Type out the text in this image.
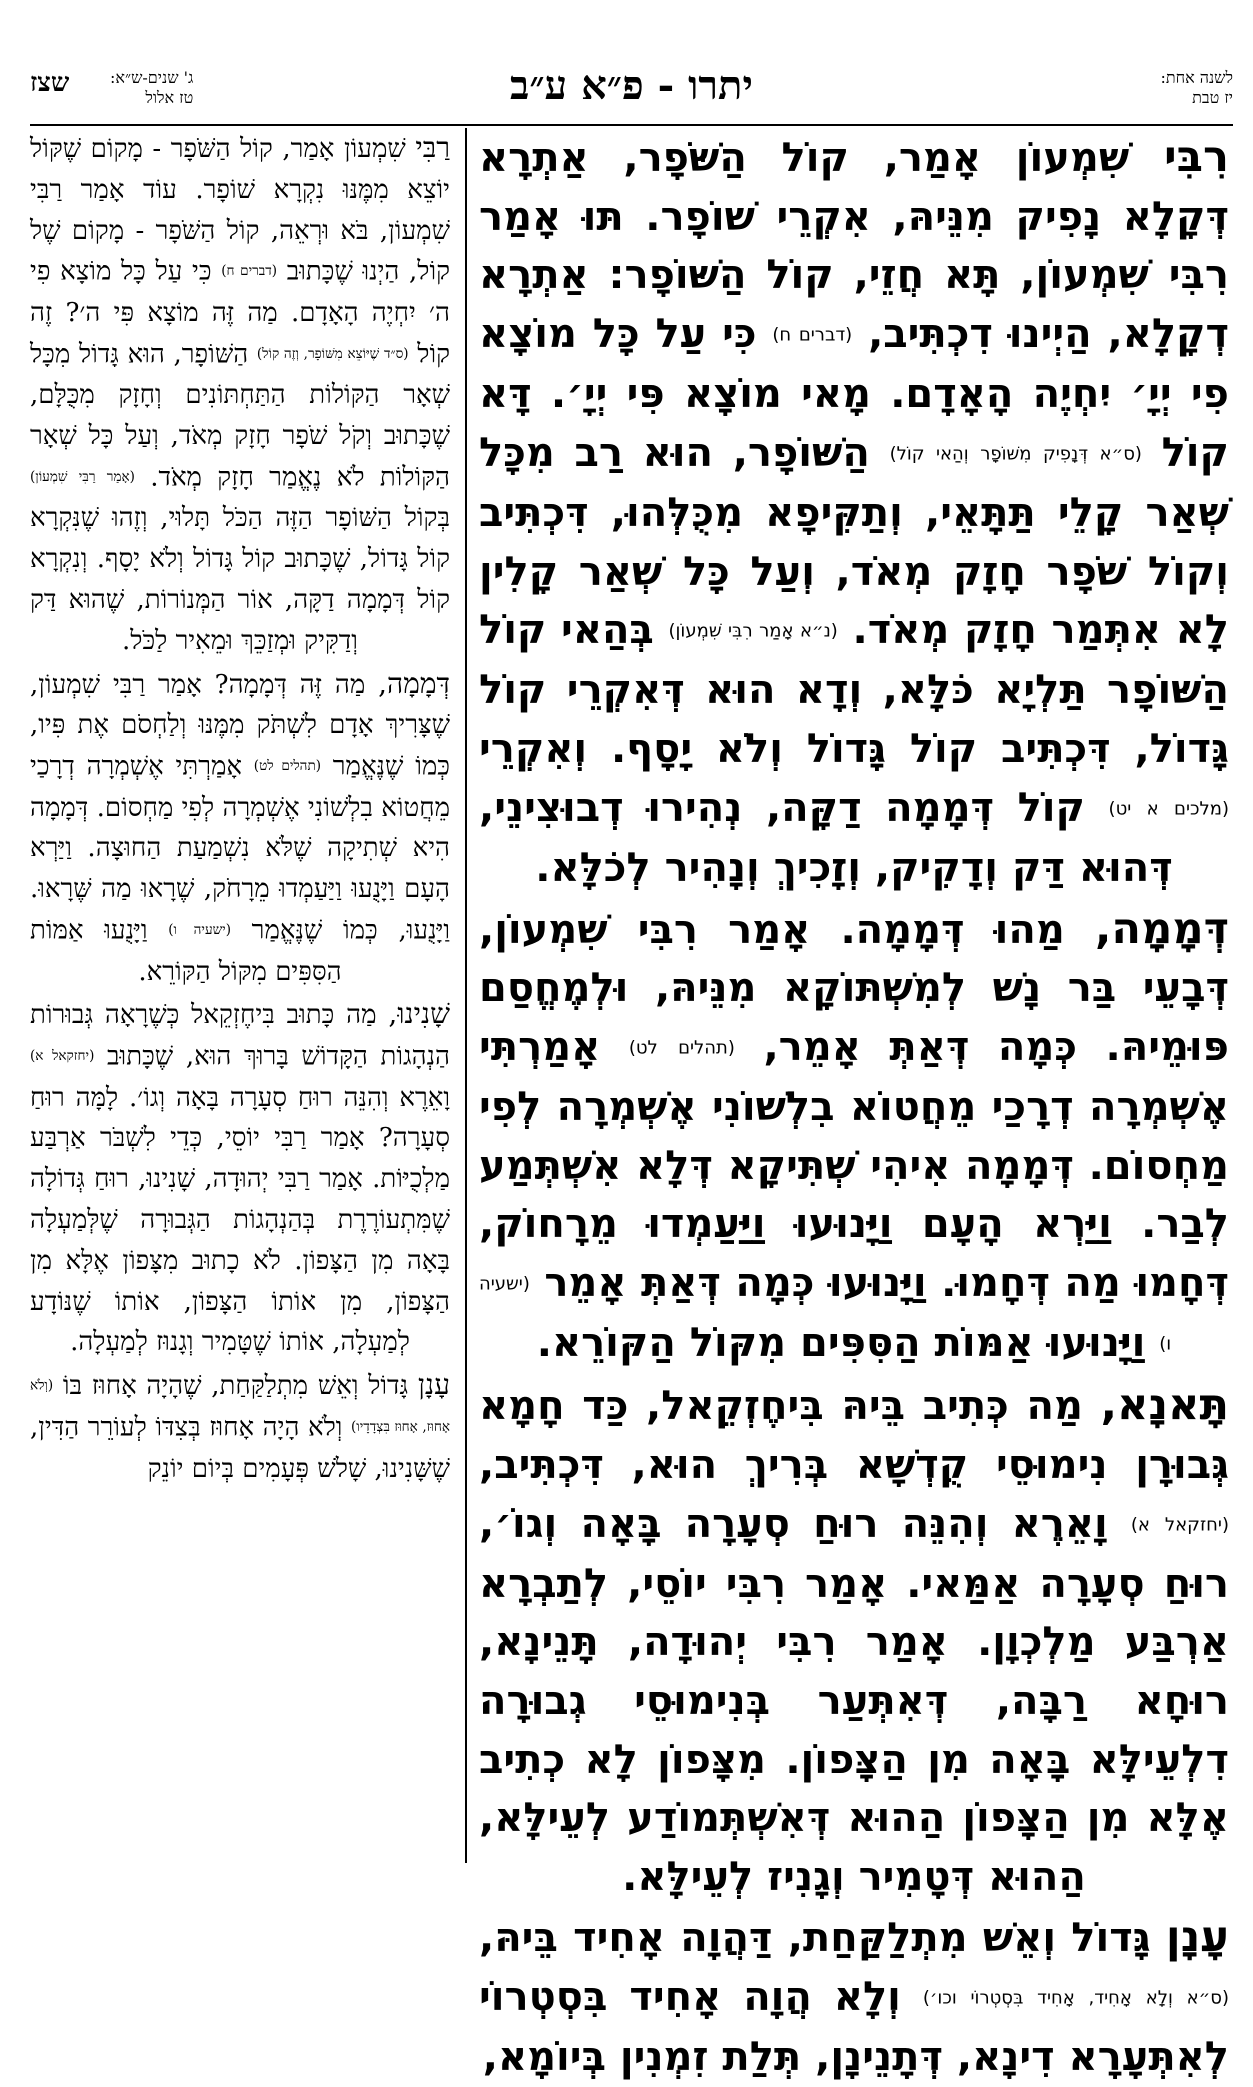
לשנה אחת:
יז טבת
יתרו - פ״א ע״ב
שצז	ג' שנים-ש״א:
טז אלול

רִבִּי שִׁמְעוֹן אָמַר, קוֹל הַשֹּׁפָר, אַתְרָא דְּקָלָא נָפִיק מִנֵּיהּ, אִקְרֵי שׁוֹפָר. תּוּ אָמַר רִבִּי שִׁמְעוֹן, תָּא חֲזֵי, קוֹל הַשּׁוֹפָר: אַתְרָא דְקָלָא, הַיְינוּ דִכְתִּיב, (דברים ח) כִּי עַל כָּל מוֹצָא פִי יְיָ׳ יִחְיֶה הָאָדָם. מָאי מוֹצָא פִּי יְיָ׳. דָּא קוֹל (ס״א דְּנָפִיק מִשּׁוֹפָר וְהַאי קוֹל) הַשּׁוֹפָר, הוּא רַב מִכָּל שְׁאַר קָלֵי תַּתָּאֵי, וְתַקִּיפָא מִכֻּלְּהוּ, דִּכְתִּיב וְקוֹל שֹׁפָר חָזָק מְאֹד, וְעַל כָּל שְׁאַר קָלִין לָא אִתְּמַר חָזָק מְאֹד. (נ״א אָמַר רִבִּי שִׁמְעוֹן) בְּהַאי קוֹל הַשּׁוֹפָר תַּלְיָא כֹּלָּא, וְדָא הוּא דְּאִקְרֵי קוֹל גָּדוֹל, דִּכְתִּיב קוֹל גָּדוֹל וְלֹא יָסָף. וְאִקְרֵי (מלכים א יט) קוֹל דְּמָמָה דַקָּה, נְהִירוּ דְבוּצִינֵי, דְּהוּא דַּק וְדָקִיק, וְזָכִיךְ וְנָהִיר לְכֹלָּא.

דְּמָמָה, מַהוּ דְּמָמָה. אָמַר רִבִּי שִׁמְעוֹן, דְּבָעֵי בַּר נָשׁ לְמִשְׁתּוֹקָא מִנֵּיהּ, וּלְמֶחֱסַם פּוּמֵיהּ. כְּמָה דְּאַתְּ אָמֵר, (תהלים לט) אָמַרְתִּי אֶשְׁמְרָה דְרָכַי מֵחֲטוֹא בִלְשׁוֹנִי אֶשְׁמְרָה לְפִי מַחְסוֹם. דְּמָמָה אִיהִי שְׁתִּיקָא דְּלָא אִשְׁתְּמַע לְבַר. וַיַּרְא הָעָם וַיָּנוּעוּ וַיַּעַמְדוּ מֵרָחוֹק, דְּחָמוּ מַה דְּחָמוּ. וַיָּנוּעוּ כְּמָה דְּאַתְּ אָמֵר (ישעיה ו) וַיָּנוּעוּ אַמּוֹת הַסִּפִּים מִקּוֹל הַקּוֹרֵא.

תָּאנָא, מַה כְּתִיב בֵּיהּ בִּיחֶזְקֵאל, כַּד חָמָא גְּבוּרָן נִימוּסֵי קֻדְשָׁא בְּרִיךְ הוּא, דִּכְתִּיב, (יחזקאל א) וָאֵרֶא וְהִנֵּה רוּחַ סְעָרָה בָּאָה וְגוֹ׳, רוּחַ סְעָרָה אַמַּאי. אָמַר רִבִּי יוֹסֵי, לְתַבְרָא אַרְבַּע מַלְכְוָן. אָמַר רִבִּי יְהוּדָה, תָּנֵינָא, רוּחָא רַבָּה, דְּאִתְּעַר בְּנִימוּסֵי גְבוּרָה דִלְעֵילָּא בָּאָה מִן הַצָּפוֹן. מִצָּפוֹן לָא כְתִיב אֶלָּא מִן הַצָּפוֹן הַהוּא דְּאִשְׁתְּמוֹדַע לְעֵילָּא, הַהוּא דְּטָמִיר וְגָנִיז לְעֵילָּא.

עָנָן גָּדוֹל וְאֵשׁ מִתְלַקַּחַת, דַּהֲוָה אָחִיד בֵּיהּ, (ס״א וְלָא אָחִיד, אָחִיד בִּסְטְרוֹי וכו׳) וְלָא הֲוָה אָחִיד בִּסְטְרוֹי לְאִתְּעָרָא דִינָא, דְּתָנֵינָן, תְּלַת זִמְנִין בְּיוֹמָא,

רַבִּי שִׁמְעוֹן אָמַר, קוֹל הַשֹּׁפָר - מָקוֹם שֶׁקּוֹל יוֹצֵא מִמֶּנּוּ נִקְרָא שׁוֹפָר. עוֹד אָמַר רַבִּי שִׁמְעוֹן, בֹּא וּרְאֵה, קוֹל הַשֹּׁפָר - מָקוֹם שֶׁל קוֹל, הַיְנוּ שֶׁכָּתוּב (דברים ח) כִּי עַל כָּל מוֹצָא פִי ה׳ יִחְיֶה הָאָדָם. מַה זֶּה מוֹצָא פִּי ה׳? זֶה קוֹל (ס״ד שֶׁיּוֹצֵא מִשּׁוֹפָר, וְזֶה קוֹל) הַשּׁוֹפָר, הוּא גָּדוֹל מִכָּל שְׁאָר הַקּוֹלוֹת הַתַּחְתּוֹנִים וְחָזָק מִכֻּלָּם, שֶׁכָּתוּב וְקֹל שֹׁפָר חָזָק מְאֹד, וְעַל כָּל שְׁאָר הַקּוֹלוֹת לֹא נֶאֱמַר חָזָק מְאֹד. (אָמַר רַבִּי שִׁמְעוֹן) בְּקוֹל הַשּׁוֹפָר הַזֶּה הַכֹּל תָּלוּי, וְזֶהוּ שֶׁנִּקְרָא קוֹל גָּדוֹל, שֶׁכָּתוּב קוֹל גָּדוֹל וְלֹא יָסָף. וְנִקְרָא קוֹל דְּמָמָה דַקָּה, אוֹר הַמְּנוֹרוֹת, שֶׁהוּא דַּק וְדַקִּיק וּמְזַכֵּךְ וּמֵאִיר לַכֹּל.

דְּמָמָה, מַה זֶּה דְּמָמָה? אָמַר רַבִּי שִׁמְעוֹן, שֶׁצָּרִיךְ אָדָם לִשְׁתֹּק מִמֶּנּוּ וְלַחְסֹם אֶת פִּיו, כְּמוֹ שֶׁנֶּאֱמַר (תהלים לט) אָמַרְתִּי אֶשְׁמְרָה דְרָכַי מֵחֲטוֹא בִלְשׁוֹנִי אֶשְׁמְרָה לְפִי מַחְסוֹם. דְּמָמָה הִיא שְׁתִיקָה שֶׁלֹּא נִשְׁמַעַת הַחוּצָה. וַיַּרְא הָעָם וַיָּנֻעוּ וַיַּעַמְדוּ מֵרָחֹק, שֶׁרָאוּ מַה שֶּׁרָאוּ. וַיָּנֻעוּ, כְּמוֹ שֶׁנֶּאֱמַר (ישעיה ו) וַיָּנֻעוּ אַמּוֹת הַסִּפִּים מִקּוֹל הַקּוֹרֵא.

שָׁנִינוּ, מַה כָּתוּב בִּיחֶזְקֵאל כְּשֶׁרָאָה גְּבוּרוֹת הַנְהָגוֹת הַקָּדוֹשׁ בָּרוּךְ הוּא, שֶׁכָּתוּב (יחזקאל א) וָאֵרֶא וְהִנֵּה רוּחַ סְעָרָה בָּאָה וְגוֹ׳. לָמָּה רוּחַ סְעָרָה? אָמַר רַבִּי יוֹסֵי, כְּדֵי לִשְׁבֹּר אַרְבַּע מַלְכֻיּוֹת. אָמַר רַבִּי יְהוּדָה, שָׁנִינוּ, רוּחַ גְּדוֹלָה שֶׁמִּתְעוֹרֶרֶת בְּהַנְהָגוֹת הַגְּבוּרָה שֶׁלְּמַעְלָה בָּאָה מִן הַצָּפוֹן. לֹא כָתוּב מִצָּפוֹן אֶלָּא מִן הַצָּפוֹן, מִן אוֹתוֹ הַצָּפוֹן, אוֹתוֹ שֶׁנּוֹדָע לְמַעְלָה, אוֹתוֹ שֶׁטָּמִיר וְגָנוּז לְמַעְלָה.

עָנָן גָּדוֹל וְאֵשׁ מִתְלַקַּחַת, שֶׁהָיָה אָחוּז בּוֹ (וְלֹא אָחוּז, אָחוּז בִּצְדָדָיו) וְלֹא הָיָה אָחוּז בְּצִדּוֹ לְעוֹרֵר הַדִּין, שֶׁשָּׁנִינוּ, שָׁלֹשׁ פְּעָמִים בְּיוֹם יוֹנֵק
